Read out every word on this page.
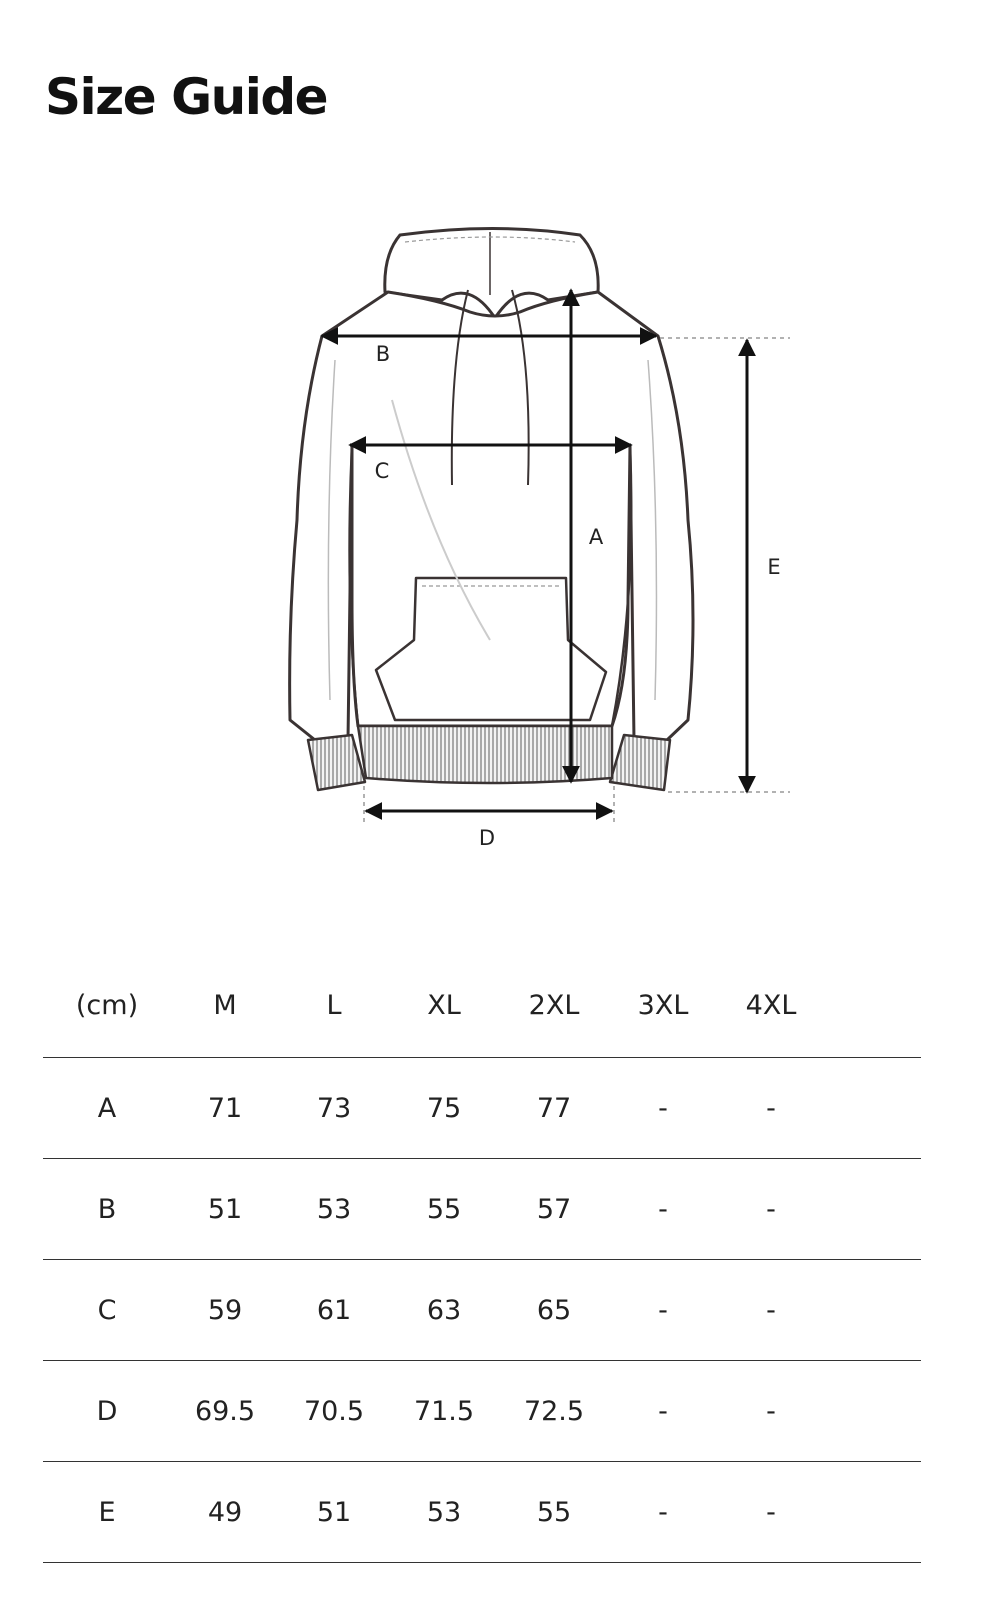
Size Guide
B
C
A
E
D
(cm)	M	L	XL	2XL	3XL	4XL	
A	71	73	75	77	-	-	
B	51	53	55	57	-	-	
C	59	61	63	65	-	-	
D	69.5	70.5	71.5	72.5	-	-	
E	49	51	53	55	-	-	
